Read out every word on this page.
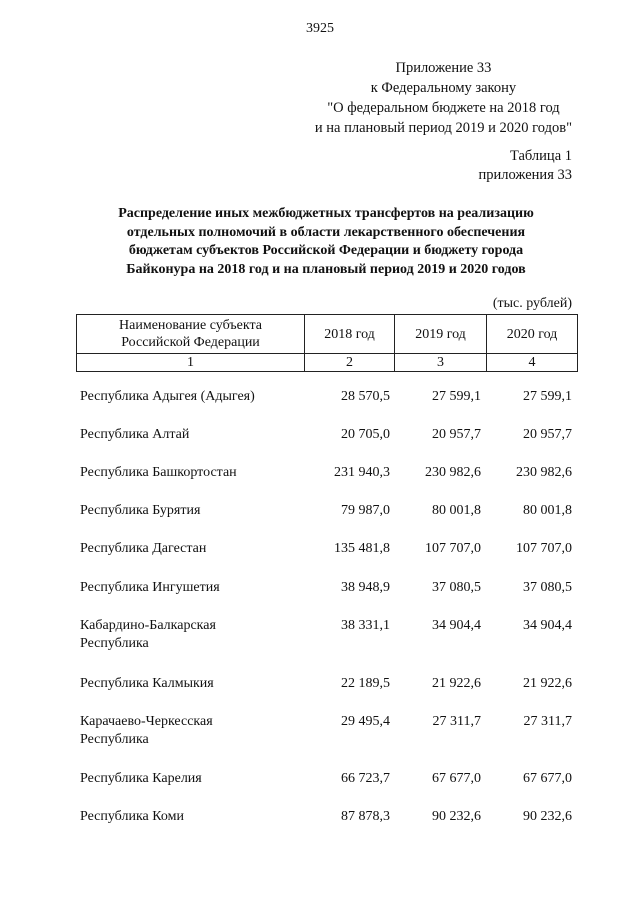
3925
Приложение 33
к Федеральному закону
"О федеральном бюджете на 2018 год
и на плановый период 2019 и 2020 годов"
Таблица 1
приложения 33
Распределение иных межбюджетных трансфертов на реализацию
отдельных полномочий в области лекарственного обеспечения
бюджетам субъектов Российской Федерации и бюджету города
Байконура на 2018 год и на плановый период 2019 и 2020 годов
(тыс. рублей)
Наименование субъекта
Российской Федерации	2018 год	2019 год	2020 год
1	2	3	4
Республика Адыгея (Адыгея)	28 570,5	27 599,1	27 599,1
Республика Алтай	20 705,0	20 957,7	20 957,7
Республика Башкортостан	231 940,3	230 982,6	230 982,6
Республика Бурятия	79 987,0	80 001,8	80 001,8
Республика Дагестан	135 481,8	107 707,0	107 707,0
Республика Ингушетия	38 948,9	37 080,5	37 080,5
Кабардино-Балкарская
Республика
38 331,1	34 904,4	34 904,4
Республика Калмыкия	22 189,5	21 922,6	21 922,6
Карачаево-Черкесская
Республика
29 495,4	27 311,7	27 311,7
Республика Карелия	66 723,7	67 677,0	67 677,0
Республика Коми	87 878,3	90 232,6	90 232,6
